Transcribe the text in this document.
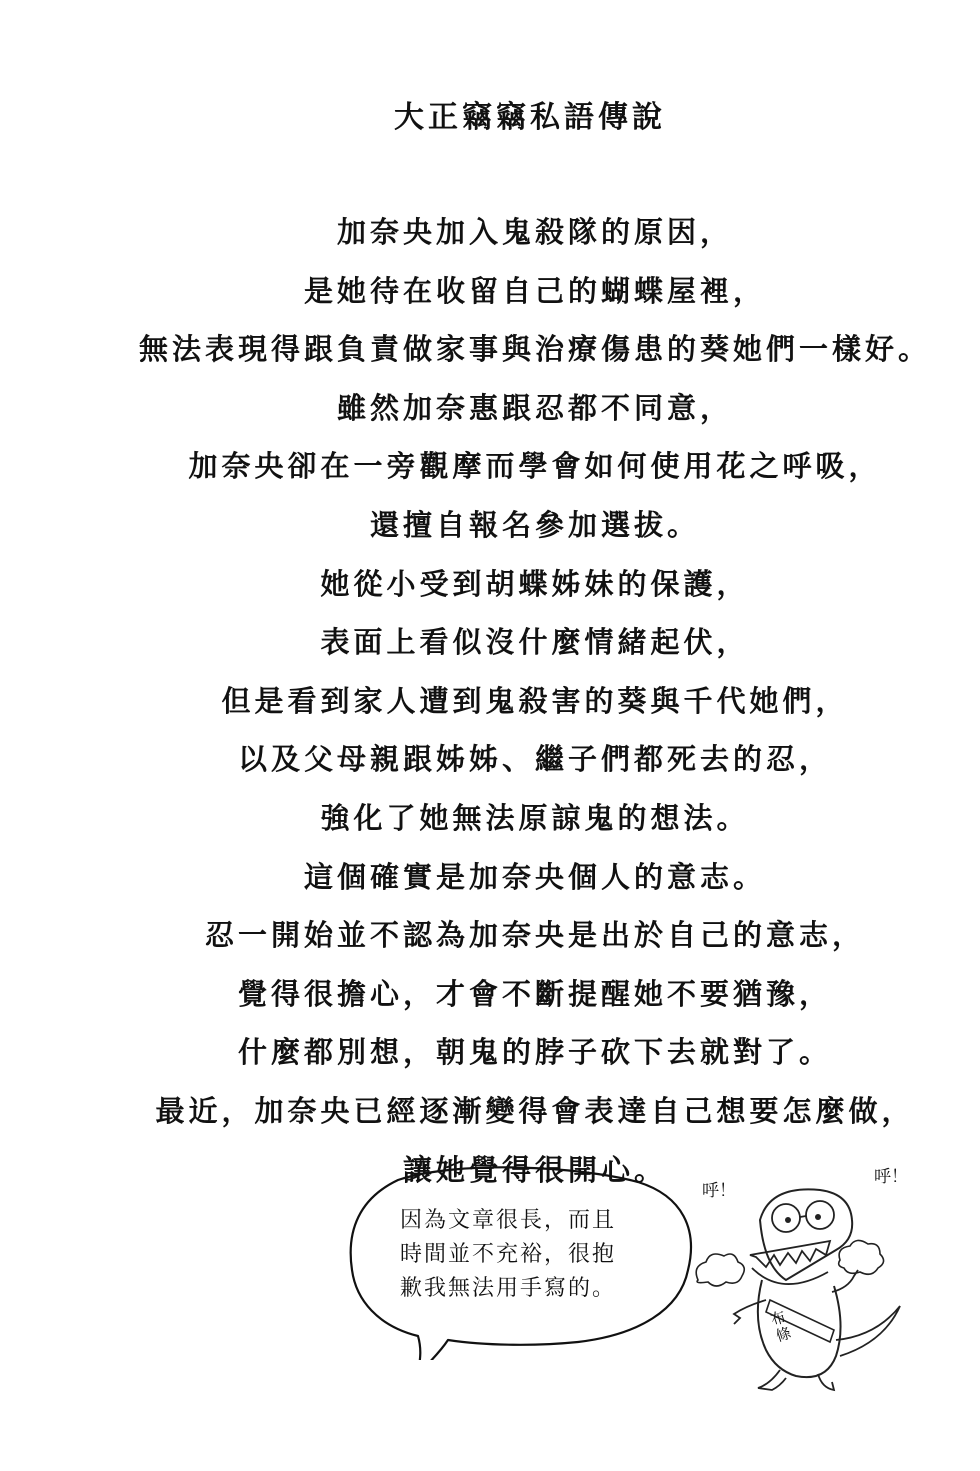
大正竊竊私語傳說
加奈央加入鬼殺隊的原因，
是她待在收留自己的蝴蝶屋裡，
無法表現得跟負責做家事與治療傷患的葵她們一樣好。
雖然加奈惠跟忍都不同意，
加奈央卻在一旁觀摩而學會如何使用花之呼吸，
還擅自報名參加選拔。
她從小受到胡蝶姊妹的保護，
表面上看似沒什麼情緒起伏，
但是看到家人遭到鬼殺害的葵與千代她們，
以及父母親跟姊姊、繼子們都死去的忍，
強化了她無法原諒鬼的想法。
這個確實是加奈央個人的意志。
忍一開始並不認為加奈央是出於自己的意志，
覺得很擔心，才會不斷提醒她不要猶豫，
什麼都別想，朝鬼的脖子砍下去就對了。
最近，加奈央已經逐漸變得會表達自己想要怎麼做，
讓她覺得很開心。
因為文章很長，而且
時間並不充裕，很抱
歉我無法用手寫的。
呼！
呼！
布條
